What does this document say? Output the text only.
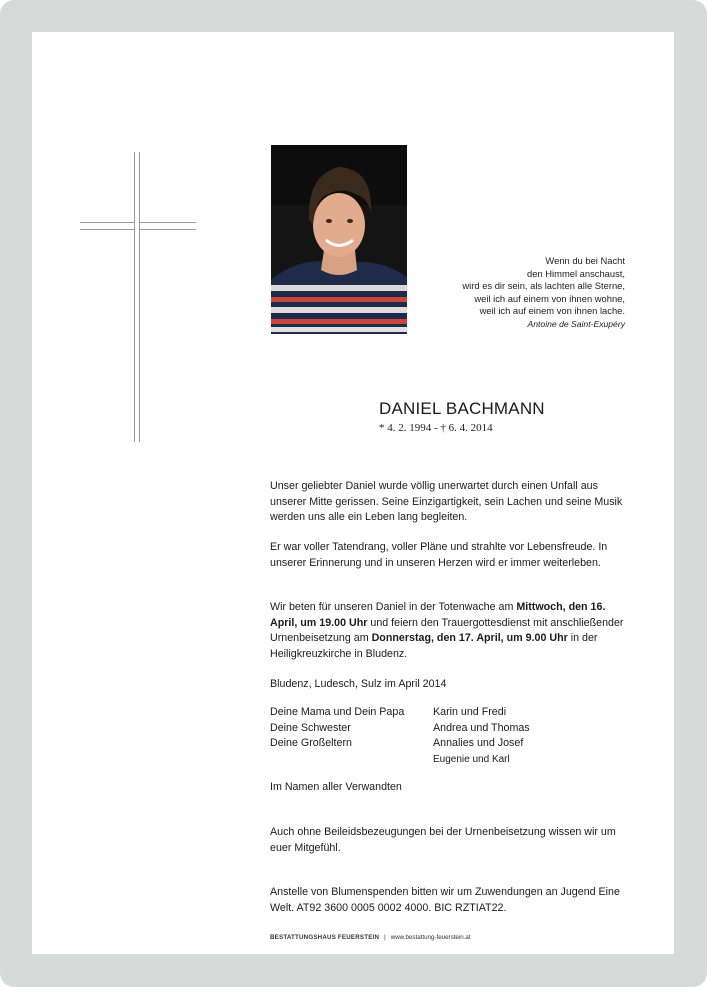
Wenn du bei Nacht
den Himmel anschaust,
wird es dir sein, als lachten alle Sterne,
weil ich auf einem von ihnen wohne,
weil ich auf einem von ihnen lache.
Antoine de Saint-Exupéry
DANIEL BACHMANN
* 4. 2. 1994 - † 6. 4. 2014
Unser geliebter Daniel wurde völlig unerwartet durch einen Unfall aus unserer Mitte gerissen. Seine Einzigartigkeit, sein Lachen und seine Musik werden uns alle ein Leben lang begleiten.
Er war voller Tatendrang, voller Pläne und strahlte vor Lebensfreude. In unserer Erinnerung und in unseren Herzen wird er immer weiterleben.
Wir beten für unseren Daniel in der Totenwache am Mittwoch, den 16. April, um 19.00 Uhr und feiern den Trauergottesdienst mit anschließender Urnenbeisetzung am Donnerstag, den 17. April, um 9.00 Uhr in der Heiligkreuzkirche in Bludenz.
Bludenz, Ludesch, Sulz im April 2014
Deine Mama und Dein Papa	Karin und Fredi
Deine Schwester	Andrea und Thomas
Deine Großeltern	Annalies und Josef
Eugenie und Karl
Im Namen aller Verwandten
Auch ohne Beileidsbezeugungen bei der Urnenbeisetzung wissen wir um euer Mitgefühl.
Anstelle von Blumenspenden bitten wir um Zuwendungen an Jugend Eine Welt. AT92 3600 0005 0002 4000. BIC RZTIAT22.
BESTATTUNGSHAUS FEUERSTEIN | www.bestattung-feuerstein.at
